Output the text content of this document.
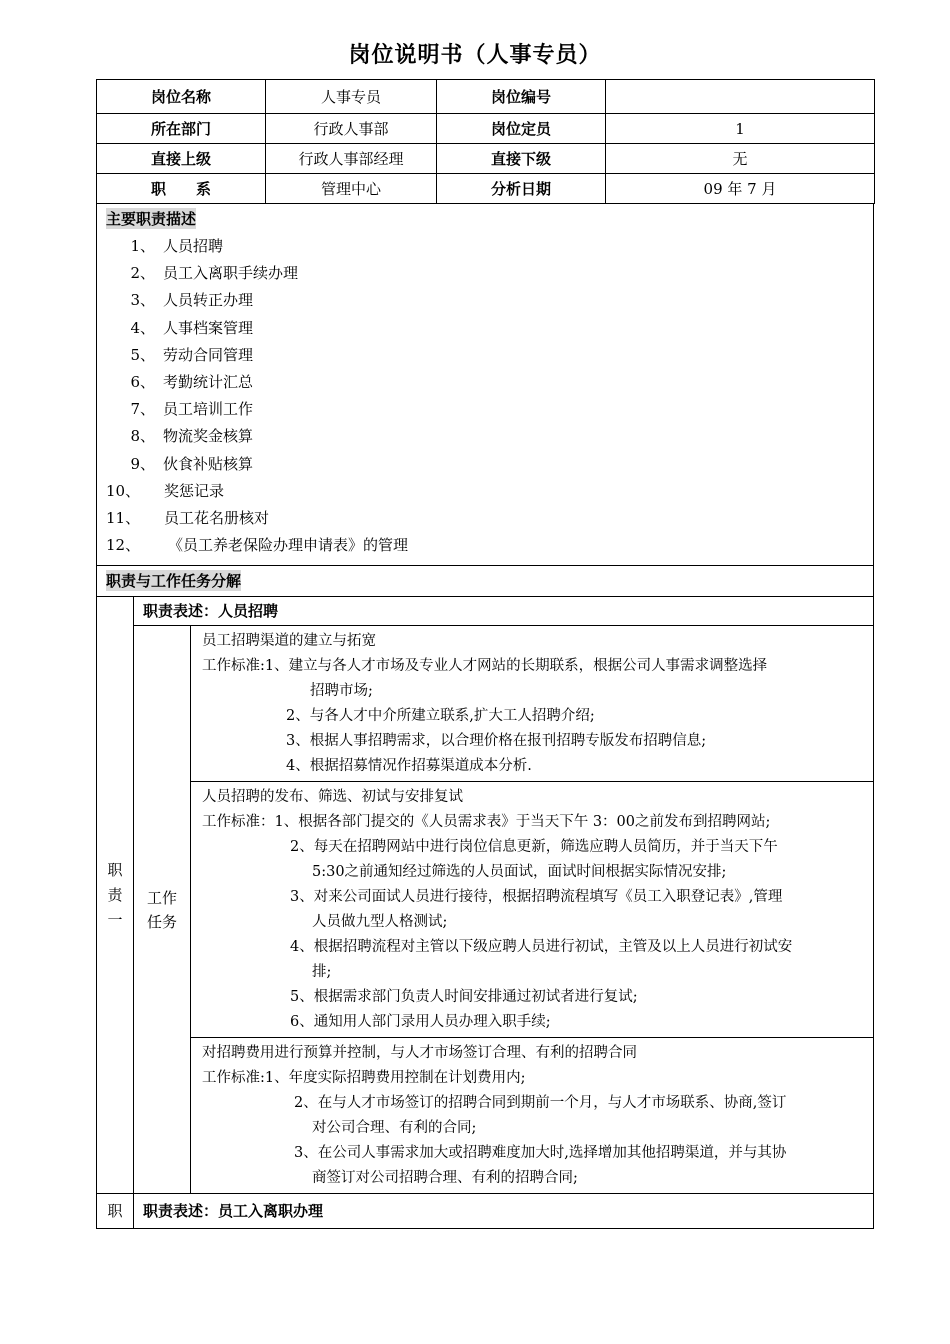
岗位说明书（人事专员）
岗位名称	人事专员	岗位编号	
所在部门	行政人事部	岗位定员	1
直接上级	行政人事部经理	直接下级	无
职　　系	管理中心	分析日期	09 年 7 月
主要职责描述
1、 人员招聘
2、 员工入离职手续办理
3、 人员转正办理
4、 人事档案管理
5、 劳动合同管理
6、 考勤统计汇总
7、 员工培训工作
8、 物流奖金核算
9、 伙食补贴核算
10、 奖惩记录
11、 员工花名册核对
12、 《员工养老保险办理申请表》的管理
职责与工作任务分解
职
责
一
职责表述：人员招聘
工作
任务
员工招聘渠道的建立与拓宽
工作标准:1、建立与各人才市场及专业人才网站的长期联系，根据公司人事需求调整选择
招聘市场;
2、与各人才中介所建立联系,扩大工人招聘介绍;
3、根据人事招聘需求，以合理价格在报刊招聘专版发布招聘信息;
4、根据招募情况作招募渠道成本分析.
人员招聘的发布、筛选、初试与安排复试
工作标准：1、根据各部门提交的《人员需求表》于当天下午 3：00之前发布到招聘网站;
2、每天在招聘网站中进行岗位信息更新，筛选应聘人员简历，并于当天下午
5:30之前通知经过筛选的人员面试，面试时间根据实际情况安排;
3、对来公司面试人员进行接待，根据招聘流程填写《员工入职登记表》,管理
人员做九型人格测试;
4、根据招聘流程对主管以下级应聘人员进行初试，主管及以上人员进行初试安
排;
5、根据需求部门负责人时间安排通过初试者进行复试;
6、通知用人部门录用人员办理入职手续;
对招聘费用进行预算并控制，与人才市场签订合理、有利的招聘合同
工作标准:1、年度实际招聘费用控制在计划费用内;
2、在与人才市场签订的招聘合同到期前一个月，与人才市场联系、协商,签订
对公司合理、有利的合同;
3、在公司人事需求加大或招聘难度加大时,选择增加其他招聘渠道，并与其协
商签订对公司招聘合理、有利的招聘合同;
职	职责表述：员工入离职办理
